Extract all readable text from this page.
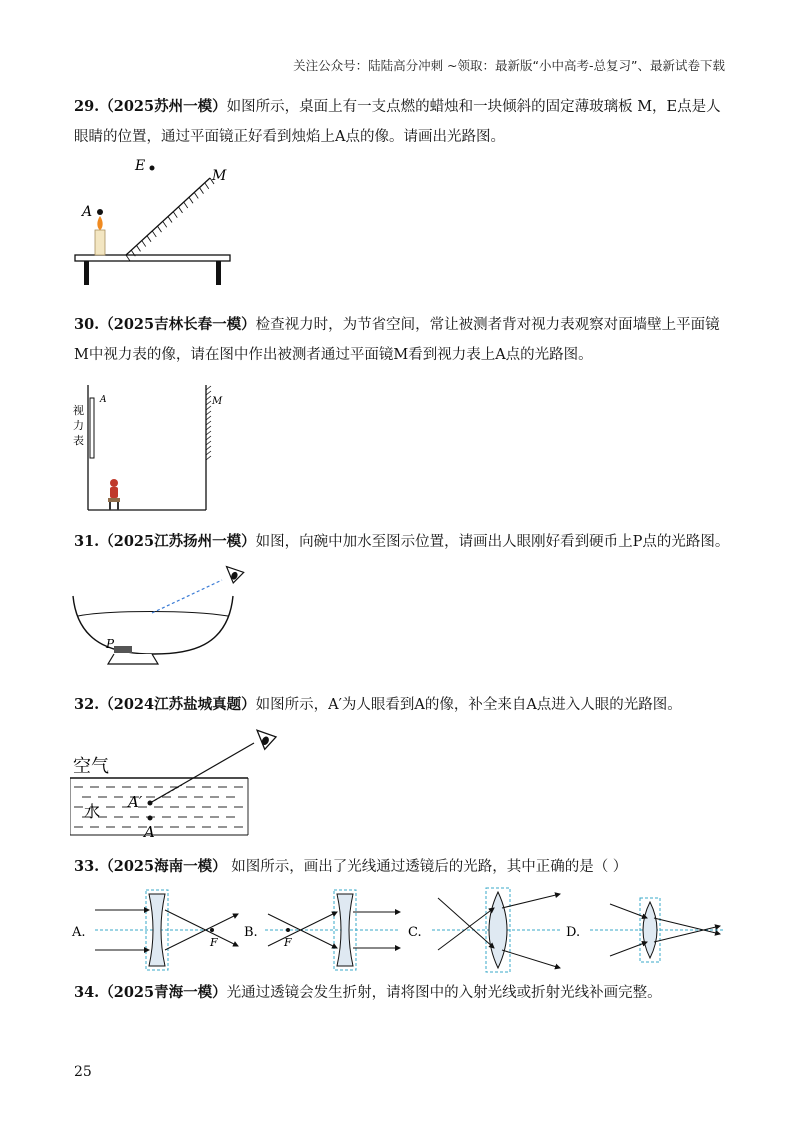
关注公众号：陆陆高分冲刺 ~领取：最新版“小中高考-总复习”、最新试卷下载
29.（2025苏州一模）如图所示，桌面上有一支点燃的蜡烛和一块倾斜的固定薄玻璃板 M，E点是人眼睛的位置，通过平面镜正好看到烛焰上A点的像。请画出光路图。
A
E
M
30.（2025吉林长春一模）检查视力时，为节省空间，常让被测者背对视力表观察对面墙壁上平面镜M中视力表的像，请在图中作出被测者通过平面镜M看到视力表上A点的光路图。
视力表
A	M
31.（2025江苏扬州一模）如图，向碗中加水至图示位置，请画出人眼刚好看到硬币上P点的光路图。
P
32.（2024江苏盐城真题）如图所示，A′为人眼看到A的像，补全来自A点进入人眼的光路图。
空气
水 A′
A
33.（2025海南一模） 如图所示，画出了光线通过透镜后的光路，其中正确的是（ ）
A.
F
B.
F
C.	D.
34.（2025青海一模）光通过透镜会发生折射，请将图中的入射光线或折射光线补画完整。
25
